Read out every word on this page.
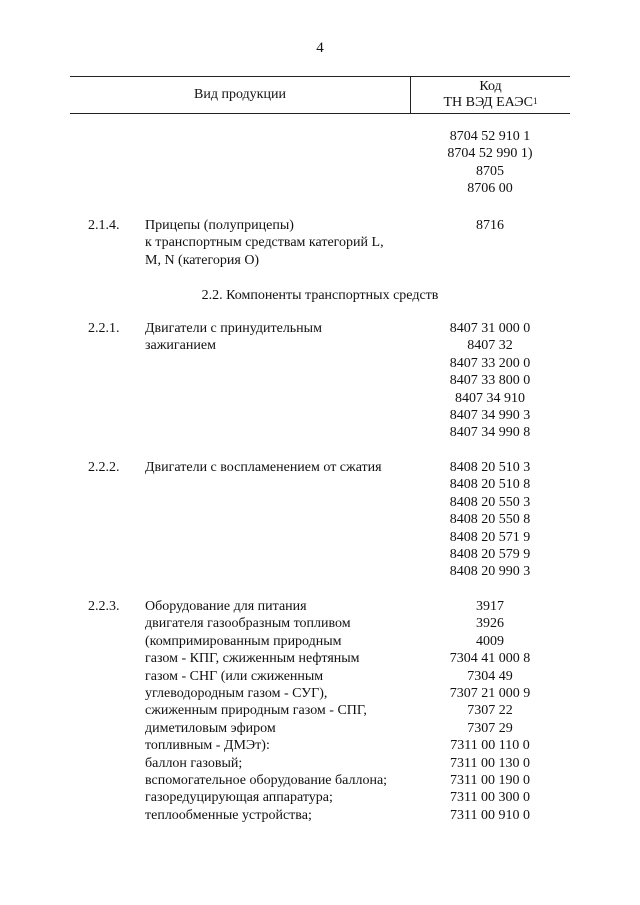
4
Вид продукции
Код
ТН ВЭД ЕАЭС$^1$
8704 52 910 1
8704 52 990 1)
8705
8706 00
2.1.4. Прицепы (полуприцепы)
к транспортным средствам категорий L,
M, N (категория O)
8716
2.2. Компоненты транспортных средств
2.2.1. Двигатели с принудительным
зажиганием
8407 31 000 0
8407 32
8407 33 200 0
8407 33 800 0
8407 34 910
8407 34 990 3
8407 34 990 8
2.2.2. Двигатели с воспламенением от сжатия	8408 20 510 3
8408 20 510 8
8408 20 550 3
8408 20 550 8
8408 20 571 9
8408 20 579 9
8408 20 990 3
2.2.3. Оборудование для питания
двигателя газообразным топливом
(компримированным природным
газом - КПГ, сжиженным нефтяным
газом - СНГ (или сжиженным
углеводородным газом - СУГ),
сжиженным природным газом - СПГ,
диметиловым эфиром
топливным - ДМЭт):
баллон газовый;
вспомогательное оборудование баллона;
газоредуцирующая аппаратура;
теплообменные устройства;
3917
3926
4009
7304 41 000 8
7304 49
7307 21 000 9
7307 22
7307 29
7311 00 110 0
7311 00 130 0
7311 00 190 0
7311 00 300 0
7311 00 910 0
